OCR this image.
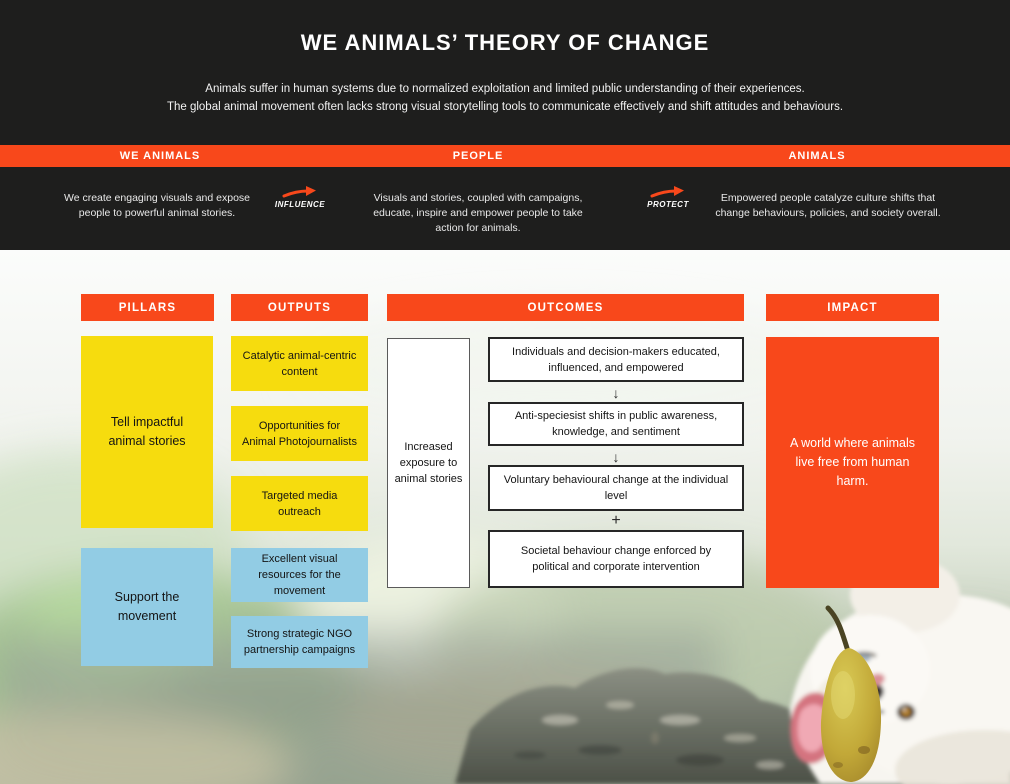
WE ANIMALS’ THEORY OF CHANGE
Animals suffer in human systems due to normalized exploitation and limited public understanding of their experiences.
The global animal movement often lacks strong visual storytelling tools to communicate effectively and shift attitudes and behaviours.
WE ANIMALS	PEOPLE	ANIMALS
We create engaging visuals and expose people to powerful animal stories.
INFLUENCE
Visuals and stories, coupled with campaigns, educate, inspire and empower people to take action for animals.
PROTECT
Empowered people catalyze culture shifts that change behaviours, policies, and society overall.
PILLARS	OUTPUTS	OUTCOMES	IMPACT
Tell impactful animal stories
Support the movement
Catalytic animal-centric content
Opportunities for Animal Photojournalists
Targeted media outreach
Excellent visual resources for the movement
Strong strategic NGO partnership campaigns
Increased exposure to animal stories
Individuals and decision-makers educated, influenced, and empowered
↓
Anti-speciesist shifts in public awareness, knowledge, and sentiment
↓
Voluntary behavioural change at the individual level
+
Societal behaviour change enforced by political and corporate intervention
A world where animals live free from human harm.
